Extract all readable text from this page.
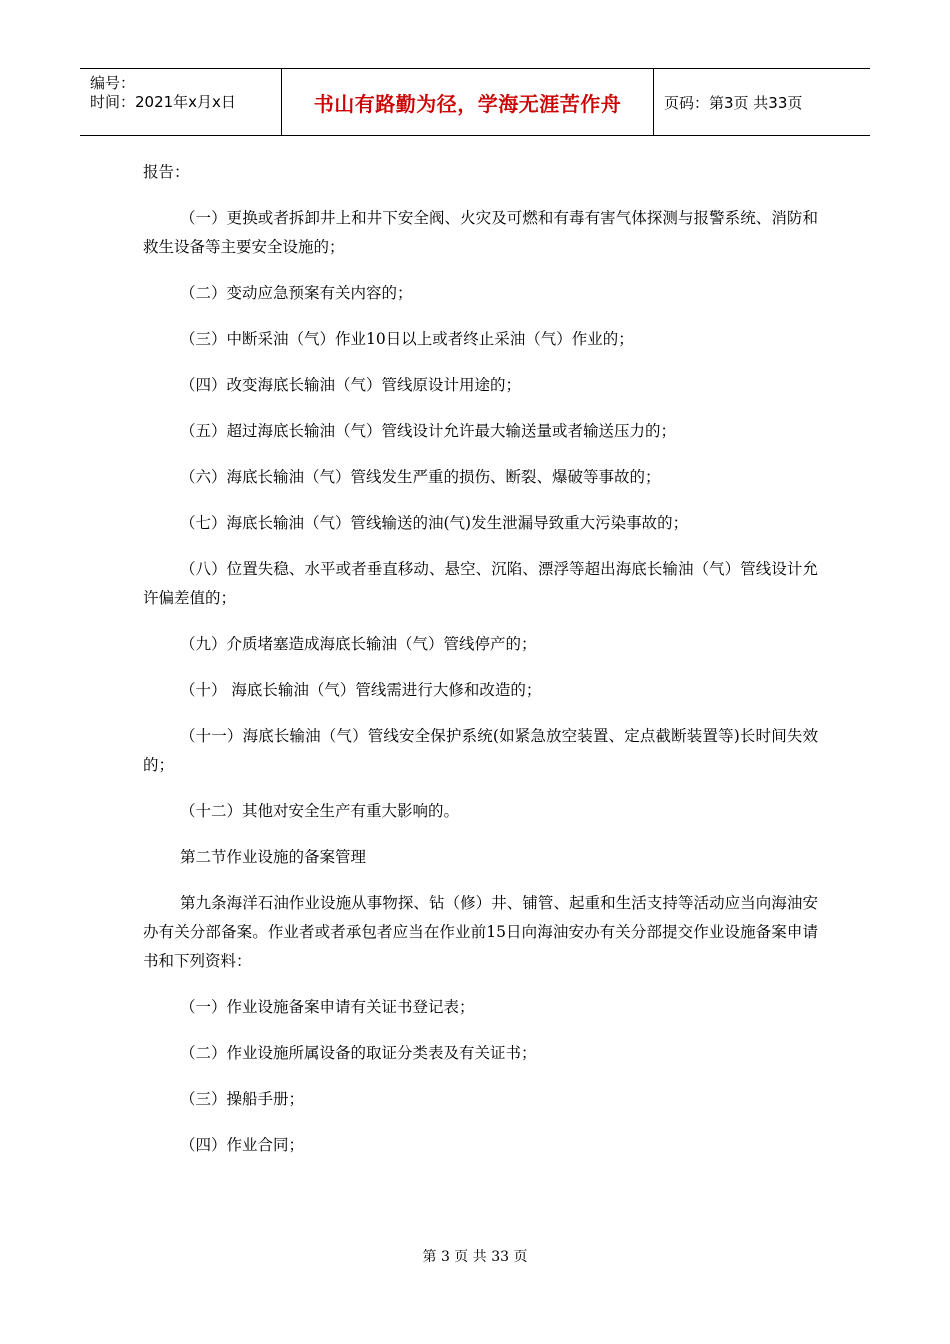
编号：
时间：2021年x月x日	书山有路勤为径，学海无涯苦作舟	页码：第3页 共33页

报告：

（一）更换或者拆卸井上和井下安全阀、火灾及可燃和有毒有害气体探测与报警系统、消防和救生设备等主要安全设施的；

（二）变动应急预案有关内容的；

（三）中断采油（气）作业10日以上或者终止采油（气）作业的；

（四）改变海底长输油（气）管线原设计用途的；

（五）超过海底长输油（气）管线设计允许最大输送量或者输送压力的；

（六）海底长输油（气）管线发生严重的损伤、断裂、爆破等事故的；

（七）海底长输油（气）管线输送的油(气)发生泄漏导致重大污染事故的；

（八）位置失稳、水平或者垂直移动、悬空、沉陷、漂浮等超出海底长输油（气）管线设计允许偏差值的；

（九）介质堵塞造成海底长输油（气）管线停产的；

（十） 海底长输油（气）管线需进行大修和改造的；

（十一）海底长输油（气）管线安全保护系统(如紧急放空装置、定点截断装置等)长时间失效的；

（十二）其他对安全生产有重大影响的。

第二节作业设施的备案管理

第九条海洋石油作业设施从事物探、钻（修）井、铺管、起重和生活支持等活动应当向海油安办有关分部备案。作业者或者承包者应当在作业前15日向海油安办有关分部提交作业设施备案申请书和下列资料：

（一）作业设施备案申请有关证书登记表；

（二）作业设施所属设备的取证分类表及有关证书；

（三）操船手册；

（四）作业合同；

第 3 页 共 33 页
